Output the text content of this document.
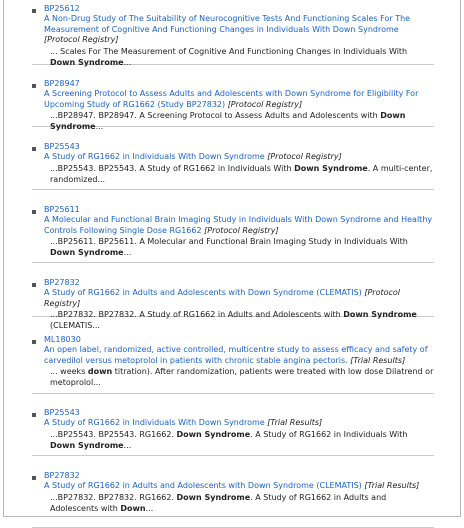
BP25612
A Non-Drug Study of The Suitability of Neurocognitive Tests And Functioning Scales For The Measurement of Cognitive And Functioning Changes in Individuals With Down Syndrome [Protocol Registry]
... Scales For The Measurement of Cognitive And Functioning Changes in Individuals With Down Syndrome...
BP28947
A Screening Protocol to Assess Adults and Adolescents with Down Syndrome for Eligibility For Upcoming Study of RG1662 (Study BP27832) [Protocol Registry]
...BP28947. BP28947. A Screening Protocol to Assess Adults and Adolescents with Down Syndrome...
BP25543
A Study of RG1662 in Individuals With Down Syndrome [Protocol Registry]
...BP25543. BP25543. A Study of RG1662 in Individuals With Down Syndrome. A multi-center, randomized...
BP25611
A Molecular and Functional Brain Imaging Study in Individuals With Down Syndrome and Healthy Controls Following Single Dose RG1662 [Protocol Registry]
...BP25611. BP25611. A Molecular and Functional Brain Imaging Study in Individuals With Down Syndrome...
BP27832
A Study of RG1662 in Adults and Adolescents with Down Syndrome (CLEMATIS) [Protocol Registry]
...BP27832. BP27832. A Study of RG1662 in Adults and Adolescents with Down Syndrome (CLEMATIS...
ML18030
An open label, randomized, active controlled, multicentre study to assess efficacy and safety of carvedilol versus metoprolol in patients with chronic stable angina pectoris. [Trial Results]
... weeks down titration). After randomization, patients were treated with low dose Dilatrend or metoprolol...
BP25543
A Study of RG1662 in Individuals With Down Syndrome [Trial Results]
...BP25543. BP25543. RG1662. Down Syndrome. A Study of RG1662 in Individuals With Down Syndrome...
BP27832
A Study of RG1662 in Adults and Adolescents with Down Syndrome (CLEMATIS) [Trial Results]
...BP27832. BP27832. RG1662. Down Syndrome. A Study of RG1662 in Adults and Adolescents with Down...
